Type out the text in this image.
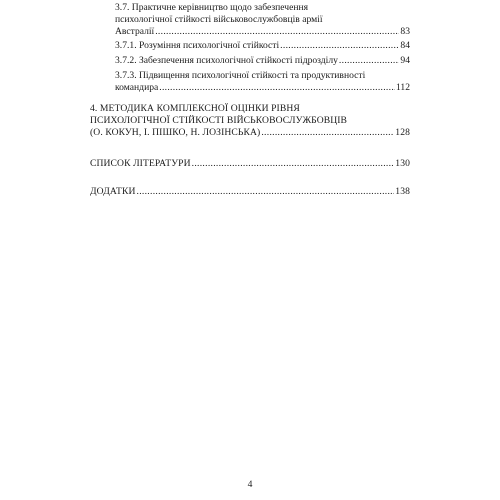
3.7. Практичне керівництво щодо забезпечення
психологічної стійкості військовослужбовців армії
Австралії .....	83
3.7.1. Розуміння психологічної стійкості .....	84
3.7.2. Забезпечення психологічної стійкості підрозділу .....	94
3.7.3. Підвищення психологічної стійкості та продуктивності
командира .....	112
4. МЕТОДИКА КОМПЛЕКСНОЇ ОЦІНКИ РІВНЯ
ПСИХОЛОГІЧНОЇ СТІЙКОСТІ ВІЙСЬКОВОСЛУЖБОВЦІВ
(О. КОКУН, І. ПІШКО, Н. ЛОЗІНСЬКА) .....	128
СПИСОК ЛІТЕРАТУРИ .....	130
ДОДАТКИ .....	138
4
